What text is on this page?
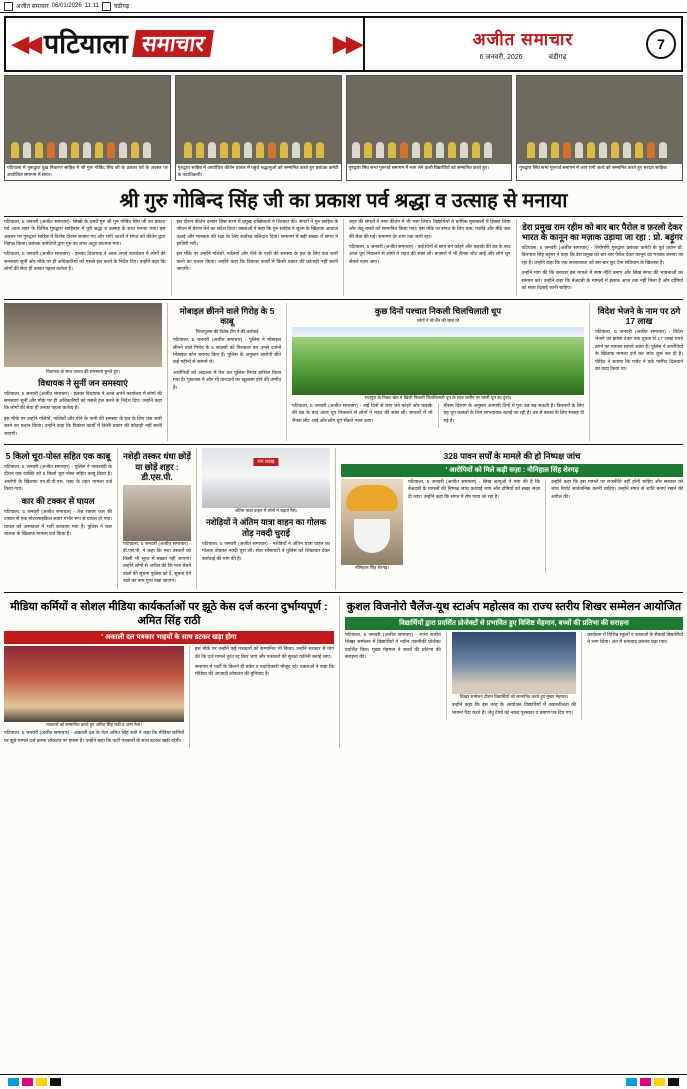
अजीत समाचार 06/01/2026 11:11	चंडीगढ़
◀◀ पटियाला समाचार	▶▶	अजीत समाचार
6 जनवरी, 2026	चंडीगढ़
7
पटियाला में गुरूद्वारा दुख निवारण साहिब में श्री गुरू गोबिंद सिंघ जी के प्रकाश पर्व के अवसर पर आयोजित समागम में संगत।
गुरुद्वारा साहिब में आयोजित कीर्तन दरबार में पहुंचे श्रद्धालुओं को सम्मानित करते हुए प्रबंधक कमेटी के पदाधिकारी।
गुरुद्वारा सिंघ सभा गुरूपर्व समागम में भाग लेने वाली विद्यार्थियों को सम्मानित करते हुए।	गुरुद्वारा सिंघ सभा गुरूपर्व समागम में आए रागी जत्थे को सम्मानित करते हुए सरदार साहिब।
श्री गुरु गोबिन्द सिंह जी का प्रकाश पर्व श्रद्धा व उत्साह से मनाया

पटियाला, 5 जनवरी (अजीत समाचार)- सिखों के दसवें गुरु श्री गुरु गोबिंद सिंघ जी का प्रकाश पर्व आज शहर के विभिन्न गुरुद्वारा साहिबान में पूरी श्रद्धा व उत्साह के साथ मनाया गया। इस अवसर पर गुरुद्वारा साहिब में विशेष दीवान सजाए गए और रागी जत्थों ने संगत को कीर्तन द्वारा निहाल किया। प्रबंधक कमेटियों द्वारा गुरु का लंगर अतुट वरताया गया।

पटियाला, 5 जनवरी (अजीत समाचार) - हलका विधायक ने आज अपने कार्यालय में लोगों की समस्याएं सुनीं और मौके पर ही अधिकारियों को मसले हल करने के निर्देश दिए। उन्होंने कहा कि लोगों की सेवा ही उनका पहला कर्तव्य है।

इस दौरान कीर्तन दरबार जिस सभा में प्रमुख शख्सियतों ने शिरकत की। संगतों ने गुरु साहिब के जीवन से प्रेरणा लेने का संदेश दिया। वक्ताओं ने कहा कि गुरु साहिब ने जुल्म के खिलाफ़ आवाज़ उठाई और मानवता की रक्षा के लिए सर्वोच्च बलिदान दिया। समागम में बड़ी संख्या में संगत ने हाज़िरी भरी।

इस मौके पर उन्होंने गलियों, नालियों और पीने के पानी की समस्या के हल के लिए फ़ंड जारी करने का एलान किया। उन्होंने कहा कि विकास कार्यों में किसी प्रकार की कोताही नहीं बरती जाएगी।

शहर की संगतों ने नगर कीर्तन में भी भाग लिया। विद्यार्थियों ने धार्मिक मुकाबलों में हिस्सा लिया और जेतू बच्चों को सम्मानित किया गया। इस मौके पर संगत के लिए चाय, पकौड़े और मीठे जल की सेवा की गई। समागम देर शाम तक जारी रहा।

पटियाला, 5 जनवरी (अजीत समाचार) - कई दिनों से छाए घने कोहरे और कड़ाके की ठंड के बाद आज धूप निकलने से लोगों ने राहत की सांस ली। बाज़ारों में भी रौनक लौट आई और लोग धूप सेंकते नज़र आए।

डेरा प्रमुख राम रहीम को बार बार पैरोल व फ़रलो देकर भारत के कानून का मज़ाक उड़ाया जा रहा : प्रो. बड़ूंगर

पटियाला, 5 जनवरी (अजीत समाचार) - शिरोमणि गुरुद्वारा प्रबंधक कमेटी के पूर्व प्रधान प्रो. किरपाल सिंह बड़ूंगर ने कहा कि डेरा प्रमुख को बार-बार पैरोल देकर कानून का मज़ाक बनाया जा रहा है। उन्होंने कहा कि एक सजायाफ़्ता को बार-बार छूट देना संविधान के खिलाफ़ है।

उन्होंने मांग की कि सरकार इस मामले में स्पष्ट नीति बनाए और सिख संगत की भावनाओं का सम्मान करे। उन्होंने कहा कि बेअदबी के मामलों में इंसाफ़ आज तक नहीं मिला है और दोषियों को सज़ा दिलाई जानी चाहिए।

विधायक के साथ जनता की समस्याएं सुनते हुए।
विधायक ने सुनीं जन समस्याएं

पटियाला, 5 जनवरी (अजीत समाचार) - हलका विधायक ने आज अपने कार्यालय में लोगों की समस्याएं सुनीं और मौके पर ही अधिकारियों को मसले हल करने के निर्देश दिए। उन्होंने कहा कि लोगों की सेवा ही उनका पहला कर्तव्य है।

इस मौके पर उन्होंने गलियों, नालियों और पीने के पानी की समस्या के हल के लिए फ़ंड जारी करने का एलान किया। उन्होंने कहा कि विकास कार्यों में किसी प्रकार की कोताही नहीं बरती जाएगी।

मोबाइल छीनने वाले गिरोह के 5 काबू
जिलापुलस की विशेष टीम ने की कार्रवाई

पटियाला, 5 जनवरी (अजीत समाचार) - पुलिस ने मोबाइल छीनने वाले गिरोह के 5 सदस्यों को गिरफ़्तार कर उनसे दर्जनों मोबाइल फ़ोन बरामद किए हैं। पुलिस के अनुसार आरोपी बीते कई महीनों से सरगर्म थे।

आरोपियों को अदालत में पेश कर पुलिस रिमांड हासिल किया गया है। पुछताछ में और भी वारदातों का खुलासा होने की उम्मीद है।

कुछ दिनों पश्चात निकली चिलचिलाती धूप
लोगों ने ली चैन की सांस तो
राजपुरा के निकट खेत में खिली निकली चिलचिलाती धूप के साथ जमीन पर पसरी धूप का दृश्य।

पटियाला, 5 जनवरी (अजीत समाचार) - कई दिनों से छाए घने कोहरे और कड़ाके की ठंड के बाद आज धूप निकलने से लोगों ने राहत की सांस ली। बाज़ारों में भी रौनक लौट आई और लोग धूप सेंकते नज़र आए।

मौसम विभाग के अनुसार आगामी दिनों में पुनः ठंड बढ़ सकती है। किसानों के लिए यह धूप फ़सलों के लिए लाभदायक बताई जा रही है। ठंड से बचाव के लिए सलाह दी गई है।

विदेश भेजने के नाम पर ठगे 17 लाख

पटियाला, 5 जनवरी (अजीत समाचार) - विदेश भेजने का झांसा देकर एक युवक से 17 लाख रुपये ठगने का मामला सामने आया है। पुलिस ने आरोपियों के खिलाफ़ मामला दर्ज कर जांच शुरू कर दी है। पीड़ित ने बताया कि एजेंट ने वर्क परमिट दिलवाने का वादा किया था।

5 किलो चूरा-पोस्त सहित एक काबू

पटियाला, 5 जनवरी (अजीत समाचार) - पुलिस ने नाकाबंदी के दौरान एक व्यक्ति को 5 किलो चूरा-पोस्त सहित काबू किया है। आरोपी के खिलाफ़ एन.डी.पी.एस. एक्ट के तहत मामला दर्ज किया गया।

कार की टक्कर से घायल

पटियाला, 5 जनवरी (अजीत समाचार) - तेज़ रफ़्तार कार की टक्कर से एक मोटरसाइकिल सवार गंभीर रूप से घायल हो गया। घायल को अस्पताल में भर्ती करवाया गया है। पुलिस ने कार चालक के खिलाफ़ मामला दर्ज किया है।

नशेड़ी तस्कर धंधा छोड़ें या छोड़ें शहर : डी.एस.पी.

पटियाला, 5 जनवरी (अजीत समाचार) - डी.एस.पी. ने कहा कि नशा तस्करों को किसी भी सूरत में बख्शा नहीं जाएगा। उन्होंने लोगों से अपील की कि नशा बेचने वालों की सूचना पुलिस को दें, सूचना देने वाले का नाम गुप्त रखा जाएगा।

राग प्रवाह
अंतिम यात्रा वाहन में लोगों ने चढ़ाए पैसे।
नशेड़ियों ने अंतिम यात्रा वाहन का गोलक तोड़ नक्दी चुराई

पटियाला, 5 जनवरी (अजीत समाचार) - नशेड़ियों ने अंतिम यात्रा वाहन का गोलक तोड़कर नक्दी चुरा ली। सेवा सोसायटी ने पुलिस को शिकायत देकर कार्रवाई की मांग की है।

328 पावन सर्पों के मामले की हो निष्पक्ष जांच
' आरोपियों को मिले कड़ी सज़ा : नौनिहाल सिंह शेरगढ़
नौनिहाल सिंह शेरगढ़।

पटियाला, 5 जनवरी (अजीत समाचार) - सिख आगूओं ने मांग की है कि बेअदबी के मामलों की निष्पक्ष जांच करवाई जाए और दोषियों को सख्त सज़ा दी जाए। उन्होंने कहा कि संगत में रोष पाया जा रहा है।

उन्होंने कहा कि इस मामले पर राजनीति नहीं होनी चाहिए और सरकार को जांच रिपोर्ट सार्वजनिक करनी चाहिए। उन्होंने संगत से शांति बनाए रखने की अपील की।

मीडिया कर्मियों व सोशल मीडिया कार्यकर्ताओं पर झूठे केस दर्ज करना दुर्भाग्यपूर्ण : अमित सिंह राठी
' अकाली दल पत्रकार भाइयों के साथ डटकर खड़ा होगा
पत्रकारों को सम्मानित करते हुए अमित सिंह राठी व अन्य नेता।

पटियाला, 5 जनवरी (अजीत समाचार) - अकाली दल के नेता अमित सिंह राठी ने कहा कि मीडिया कर्मियों पर झूठे मामले दर्ज करना लोकतंत्र पर हमला है। उन्होंने कहा कि पार्टी पत्रकारों के साथ डटकर खड़ी रहेगी।

इस मौके पर उन्होंने कई पत्रकारों को सम्मानित भी किया। उन्होंने सरकार से मांग की कि दर्ज मामले तुरंत रद्द किए जाएं और पत्रकारों की सुरक्षा यकीनी बनाई जाए।

समागम में पार्टी के कितने ही वर्कर व पदाधिकारी मौजूद रहे। वक्ताओं ने कहा कि मीडिया की आज़ादी लोकतंत्र की बुनियाद है।

कुशल विजनोरो चैलेंज-यूथ स्टार्अप महोत्सव का राज्य स्तरीय शिखर सम्मेलन आयोजित
विद्यार्थियों द्वारा प्रदर्शित प्रोजेक्टों से प्रभावित हुए विशिष्ट मेहमान, बच्चों की प्रतिभा की सराहना

पटियाला, 5 जनवरी (अजीत समाचार) - राज्य स्तरीय शिखर सम्मेलन में विद्यार्थियों ने नवीन तकनीकी प्रोजेक्ट प्रदर्शित किए। मुख्य मेहमान ने बच्चों की प्रतिभा की सराहना की।

शिखर सम्मेलन दौरान विद्यार्थियों को सम्मानित करते हुए मुख्य मेहमान।

उन्होंने कहा कि इस तरह के आयोजन विद्यार्थियों में उद्यमशीलता की भावना पैदा करते हैं। जेतू टीमों को नकद पुरस्कार व प्रमाण पत्र दिए गए।

कार्यक्रम में विभिन्न स्कूलों व कालजों के सैकड़ों विद्यार्थियों ने भाग लिया। अंत में धन्यवाद प्रस्ताव पढ़ा गया।
